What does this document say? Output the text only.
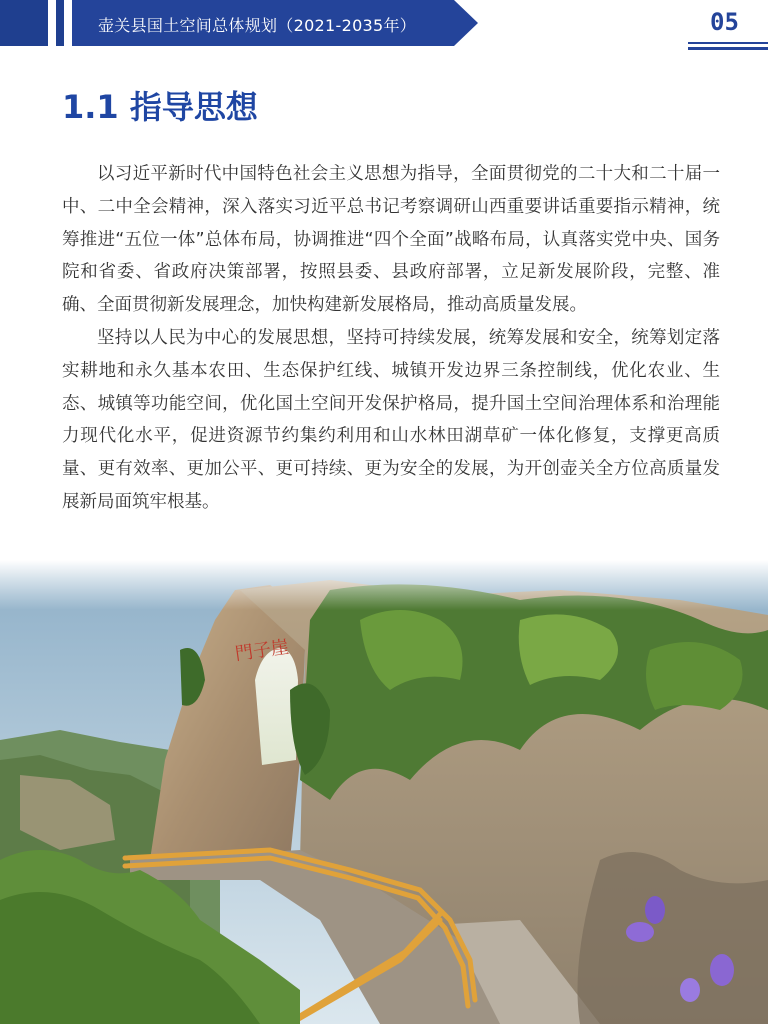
壶关县国土空间总体规划（2021-2035年）	05
1.1 指导思想

以习近平新时代中国特色社会主义思想为指导，全面贯彻党的二十大和二十届一中、二中全会精神，深入落实习近平总书记考察调研山西重要讲话重要指示精神，统筹推进“五位一体”总体布局，协调推进“四个全面”战略布局，认真落实党中央、国务院和省委、省政府决策部署，按照县委、县政府部署，立足新发展阶段，完整、准确、全面贯彻新发展理念，加快构建新发展格局，推动高质量发展。

坚持以人民为中心的发展思想，坚持可持续发展，统筹发展和安全，统筹划定落实耕地和永久基本农田、生态保护红线、城镇开发边界三条控制线，优化农业、生态、城镇等功能空间，优化国土空间开发保护格局，提升国土空间治理体系和治理能力现代化水平，促进资源节约集约利用和山水林田湖草矿一体化修复，支撑更高质量、更有效率、更加公平、更可持续、更为安全的发展，为开创壶关全方位高质量发展新局面筑牢根基。

門子崖
